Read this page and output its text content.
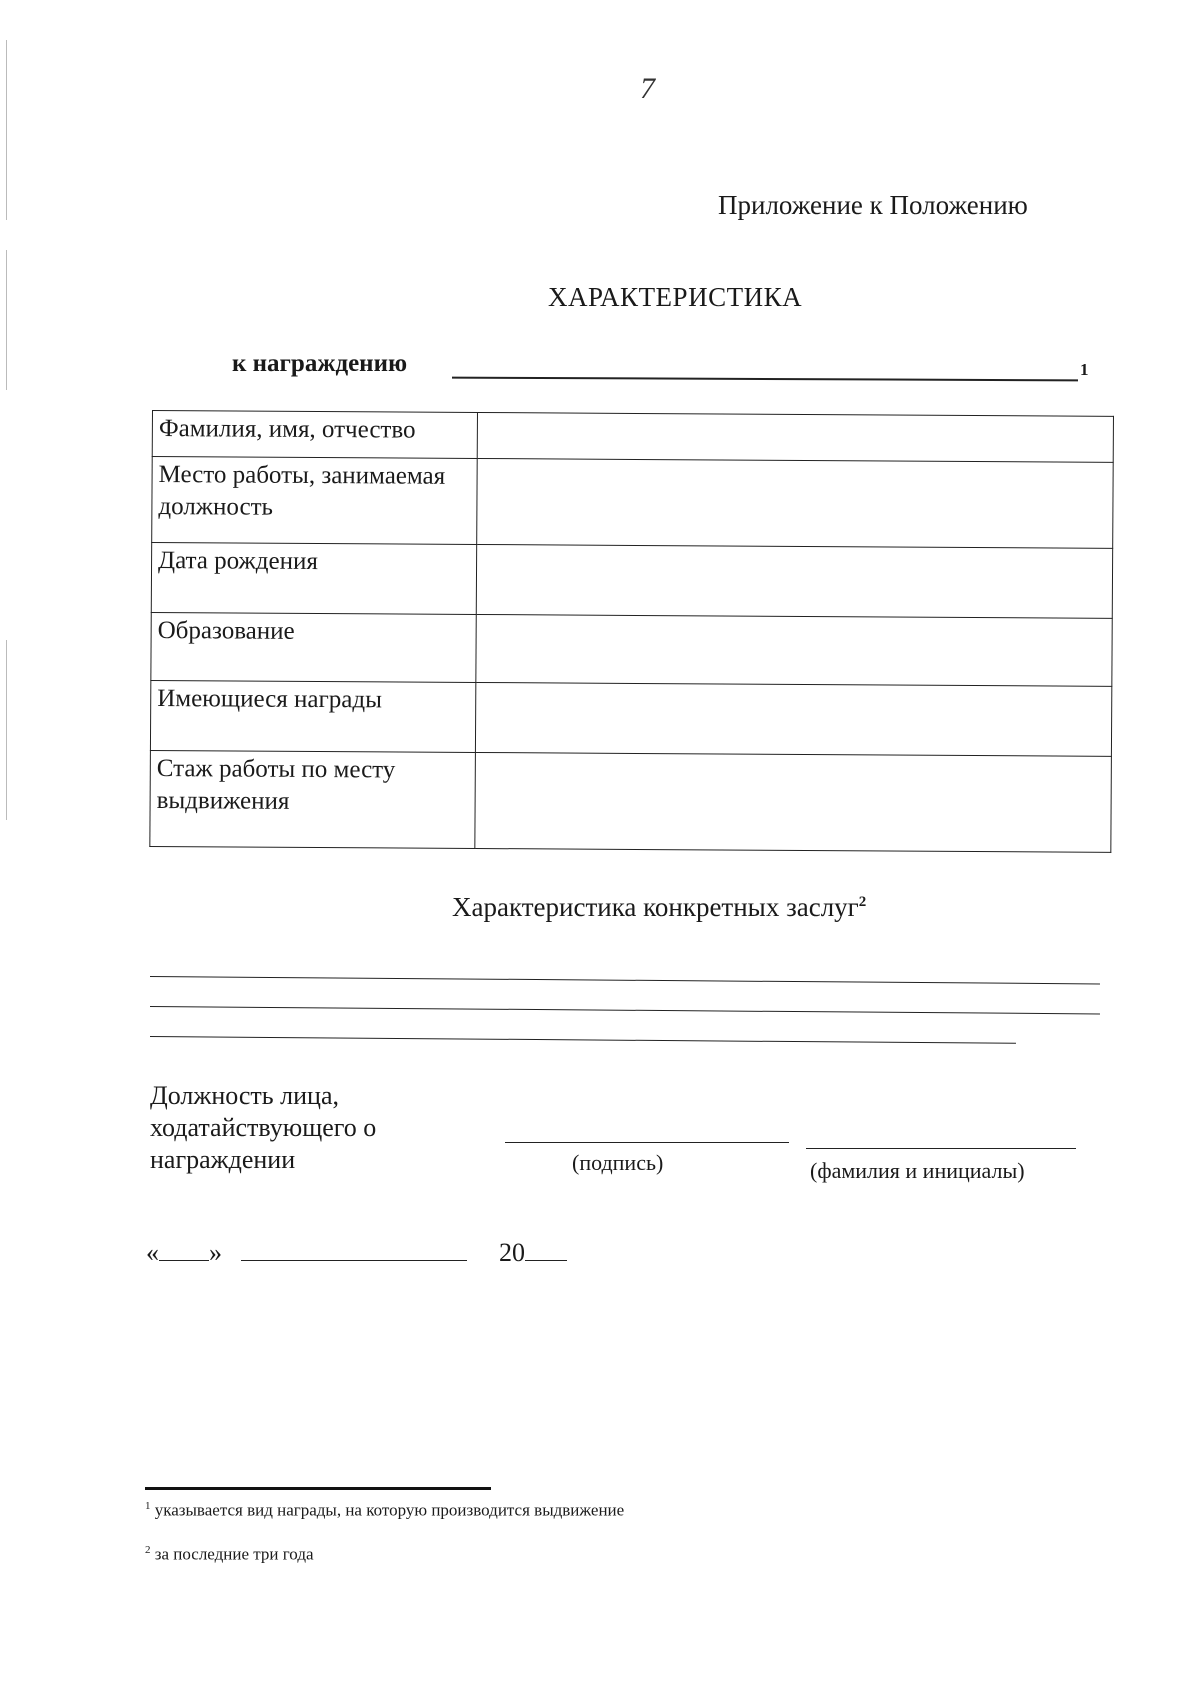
7
Приложение к Положению
ХАРАКТЕРИСТИКА
к награждению	1
Фамилия, имя, отчество	
Место работы, занимаемая должность	
Дата рождения	
Образование	
Имеющиеся награды	
Стаж работы по месту выдвижения	
Характеристика конкретных заслуг$^2$
Должность лица, ходатайствующего о награждении	(подпись)	(фамилия и инициалы)
« »	20
$^1$ указывается вид награды, на которую производится выдвижение
$^2$ за последние три года
